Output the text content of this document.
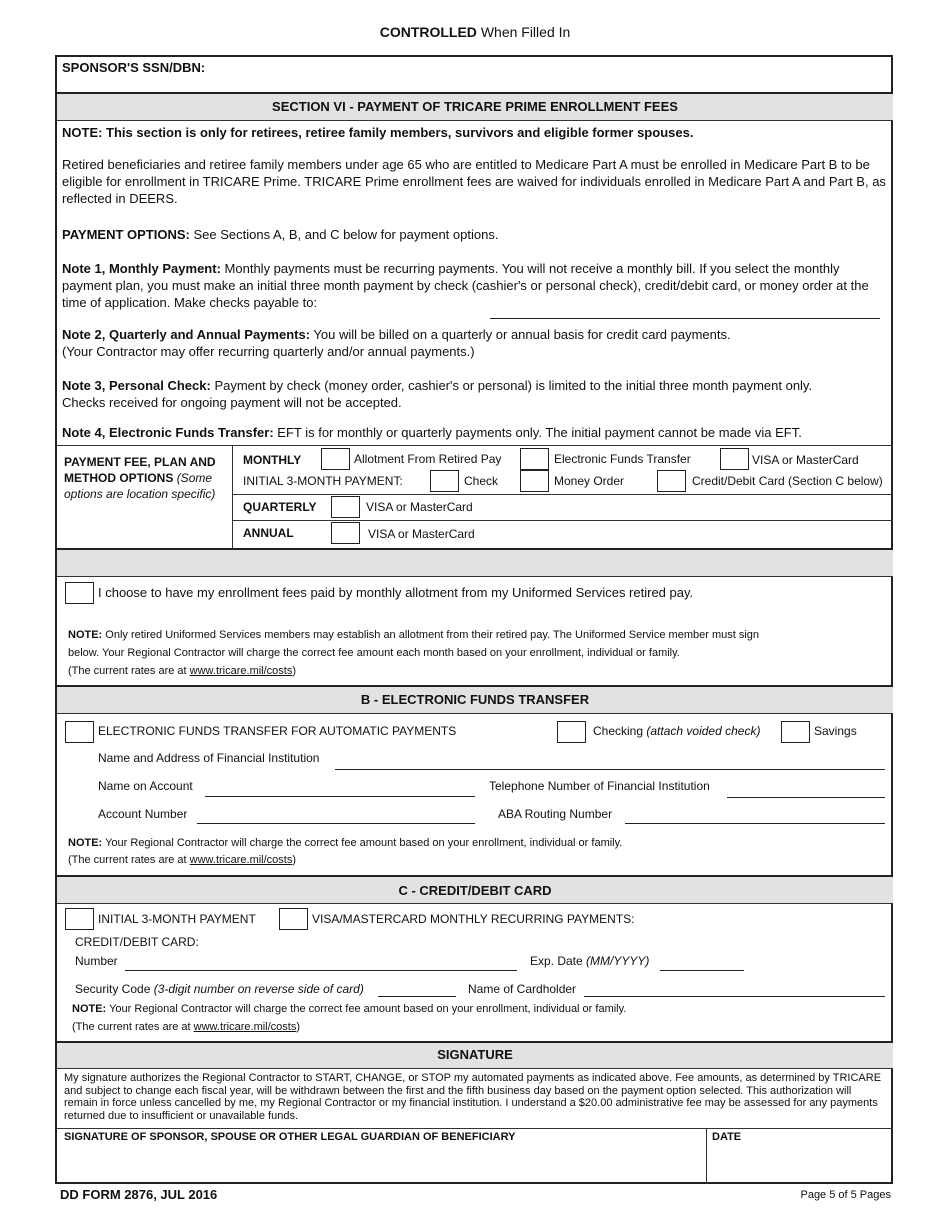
CONTROLLED When Filled In
SPONSOR'S SSN/DBN:
SECTION VI - PAYMENT OF TRICARE PRIME ENROLLMENT FEES
NOTE: This section is only for retirees, retiree family members, survivors and eligible former spouses.
Retired beneficiaries and retiree family members under age 65 who are entitled to Medicare Part A must be enrolled in Medicare Part B to be eligible for enrollment in TRICARE Prime. TRICARE Prime enrollment fees are waived for individuals enrolled in Medicare Part A and Part B, as reflected in DEERS.
PAYMENT OPTIONS: See Sections A, B, and C below for payment options.
Note 1, Monthly Payment: Monthly payments must be recurring payments. You will not receive a monthly bill. If you select the monthly payment plan, you must make an initial three month payment by check (cashier's or personal check), credit/debit card, or money order at the time of application. Make checks payable to:
Note 2, Quarterly and Annual Payments: You will be billed on a quarterly or annual basis for credit card payments.
(Your Contractor may offer recurring quarterly and/or annual payments.)
Note 3, Personal Check: Payment by check (money order, cashier's or personal) is limited to the initial three month payment only.
Checks received for ongoing payment will not be accepted.
Note 4, Electronic Funds Transfer: EFT is for monthly or quarterly payments only. The initial payment cannot be made via EFT.
PAYMENT FEE, PLAN AND METHOD OPTIONS (Some options are location specific)
MONTHLY	Allotment From Retired Pay	Electronic Funds Transfer	VISA or MasterCard
INITIAL 3-MONTH PAYMENT:	Check	Money Order	Credit/Debit Card (Section C below)
QUARTERLY	VISA or MasterCard
ANNUAL	VISA or MasterCard
I choose to have my enrollment fees paid by monthly allotment from my Uniformed Services retired pay.
NOTE: Only retired Uniformed Services members may establish an allotment from their retired pay. The Uniformed Service member must sign
below. Your Regional Contractor will charge the correct fee amount each month based on your enrollment, individual or family.
(The current rates are at www.tricare.mil/costs)
B - ELECTRONIC FUNDS TRANSFER
ELECTRONIC FUNDS TRANSFER FOR AUTOMATIC PAYMENTS	Checking (attach voided check)	Savings
Name and Address of Financial Institution
Name on Account	Telephone Number of Financial Institution
Account Number	ABA Routing Number
NOTE: Your Regional Contractor will charge the correct fee amount based on your enrollment, individual or family.
(The current rates are at www.tricare.mil/costs)
C - CREDIT/DEBIT CARD
INITIAL 3-MONTH PAYMENT	VISA/MASTERCARD MONTHLY RECURRING PAYMENTS:
CREDIT/DEBIT CARD:
Number	Exp. Date (MM/YYYY)
Security Code (3-digit number on reverse side of card)	Name of Cardholder
NOTE: Your Regional Contractor will charge the correct fee amount based on your enrollment, individual or family.
(The current rates are at www.tricare.mil/costs)
SIGNATURE
My signature authorizes the Regional Contractor to START, CHANGE, or STOP my automated payments as indicated above. Fee amounts, as determined by TRICARE and subject to change each fiscal year, will be withdrawn between the first and the fifth business day based on the payment option selected. This authorization will remain in force unless cancelled by me, my Regional Contractor or my financial institution. I understand a $20.00 administrative fee may be assessed for any payments returned due to insufficient or unavailable funds.
SIGNATURE OF SPONSOR, SPOUSE OR OTHER LEGAL GUARDIAN OF BENEFICIARY	DATE
DD FORM 2876, JUL 2016	Page 5 of 5 Pages
